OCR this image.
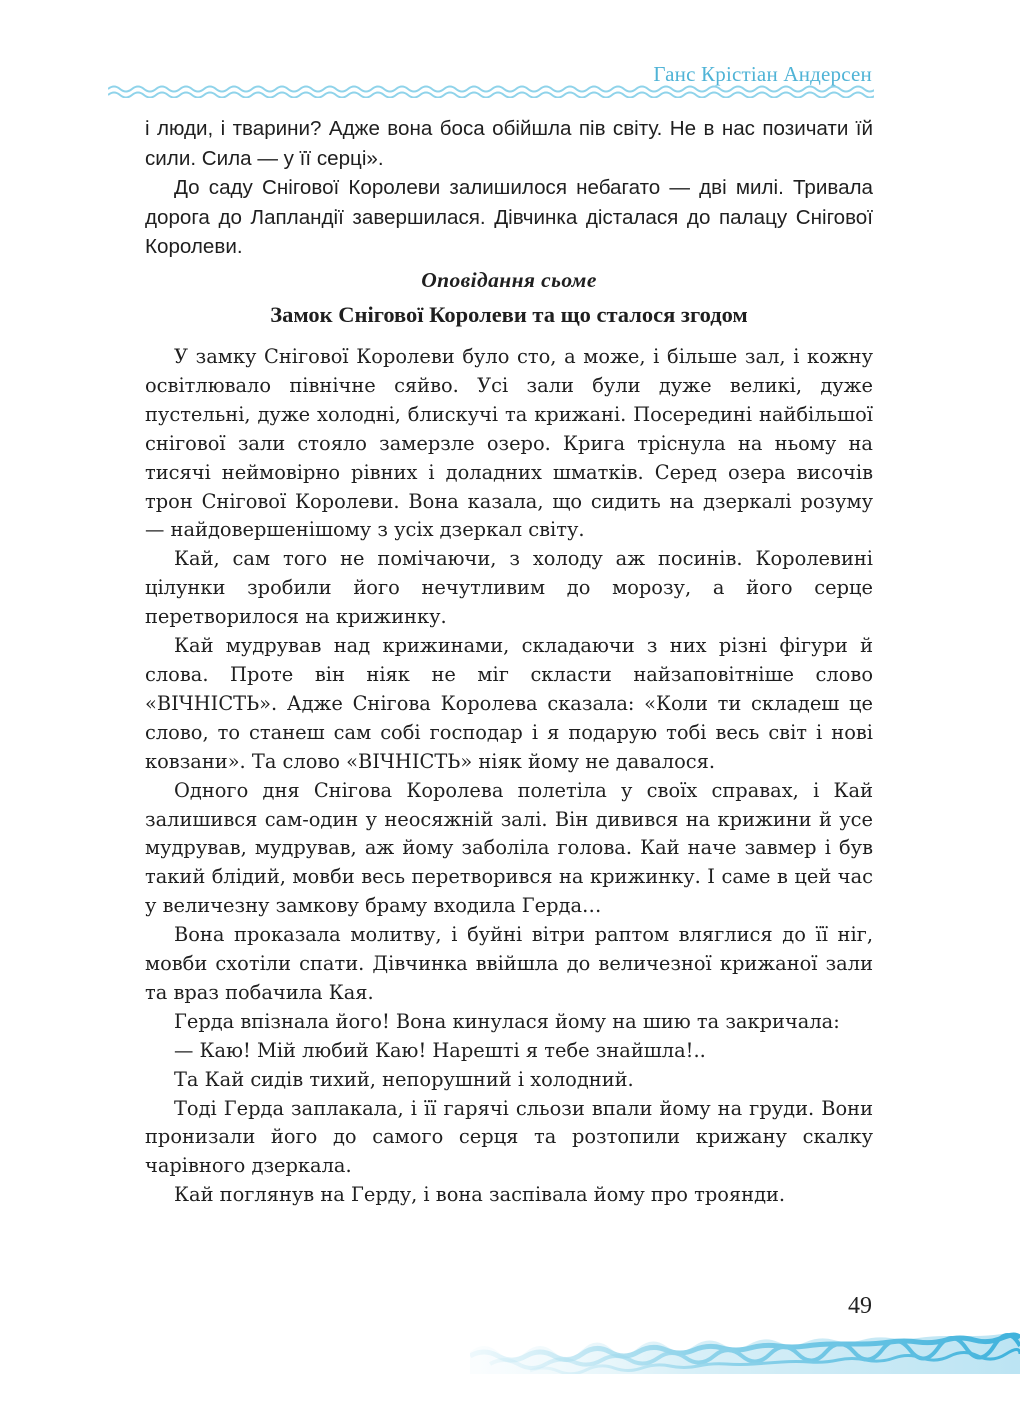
Ганс Крістіан Андерсен

і люди, і тварини? Адже вона боса обійшла пів світу. Не в нас позичати їй сили. Сила — у її серці».

До саду Снігової Королеви залишилося небагато — дві милі. Тривала дорога до Лапландії завершилася. Дівчинка дісталася до палацу Снігової Королеви.

Оповідання сьоме
Замок Снігової Королеви та що сталося згодом

У замку Снігової Королеви було сто, а може, і більше зал, і кожну освітлювало північне сяйво. Усі зали були дуже великі, дуже пустельні, дуже холодні, блискучі та крижані. Посередині найбільшої снігової зали стояло замерзле озеро. Крига тріснула на ньому на тисячі неймовірно рівних і доладних шматків. Серед озера височів трон Снігової Королеви. Вона казала, що сидить на дзеркалі розуму — найдовершенішому з усіх дзеркал світу.

Кай, сам того не помічаючи, з холоду аж посинів. Королевині цілунки зробили його нечутливим до морозу, а його серце перетворилося на крижинку.

Кай мудрував над крижинами, складаючи з них різні фігури й слова. Проте він ніяк не міг скласти найзаповітніше слово «ВІЧНІСТЬ». Адже Снігова Королева сказала: «Коли ти складеш це слово, то станеш сам собі господар і я подарую тобі весь світ і нові ковзани». Та слово «ВІЧНІСТЬ» ніяк йому не давалося.

Одного дня Снігова Королева полетіла у своїх справах, і Кай залишився сам-один у неосяжній залі. Він дивився на крижини й усе мудрував, мудрував, аж йому заболіла голова. Кай наче завмер і був такий блідий, мовби весь перетворився на крижинку. І саме в цей час у величезну замкову браму входила Герда…

Вона проказала молитву, і буйні вітри раптом вляглися до її ніг, мовби схотіли спати. Дівчинка ввійшла до величезної крижаної зали та враз побачила Кая.

Герда впізнала його! Вона кинулася йому на шию та закричала:

— Каю! Мій любий Каю! Нарешті я тебе знайшла!..

Та Кай сидів тихий, непорушний і холодний.

Тоді Герда заплакала, і її гарячі сльози впали йому на груди. Вони пронизали його до самого серця та розтопили крижану скалку чарівного дзеркала.

Кай поглянув на Герду, і вона заспівала йому про троянди.

49
